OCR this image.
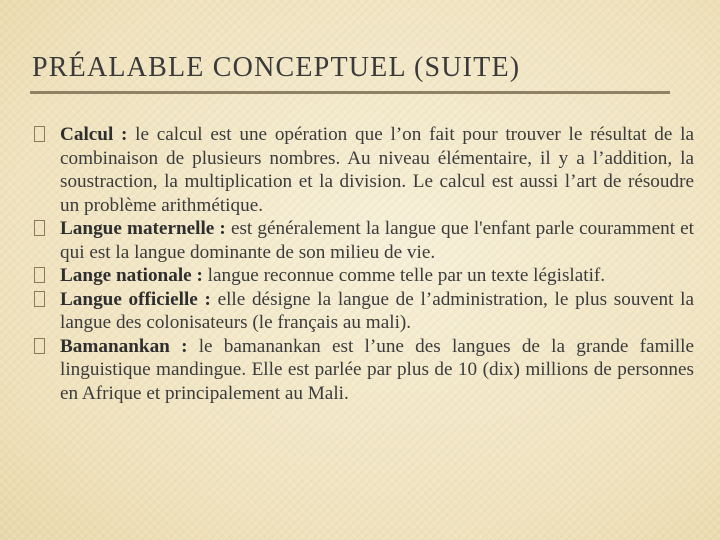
PRÉALABLE CONCEPTUEL (SUITE)
Calcul : le calcul est une opération que l’on fait pour trouver le résultat de la combinaison de plusieurs nombres. Au niveau élémentaire, il y a l’addition, la soustraction, la multiplication et la division. Le calcul est aussi l’art de résoudre un problème arithmétique.
Langue maternelle : est généralement la langue que l'enfant parle couramment et qui est la langue dominante de son milieu de vie.
Lange nationale : langue reconnue comme telle par un texte législatif.
Langue officielle : elle désigne la langue de l’administration, le plus souvent la langue des colonisateurs (le français au mali).
Bamanankan : le bamanankan est l’une des langues de la grande famille linguistique mandingue. Elle est parlée par plus de 10 (dix) millions de personnes en Afrique et principalement au Mali.
